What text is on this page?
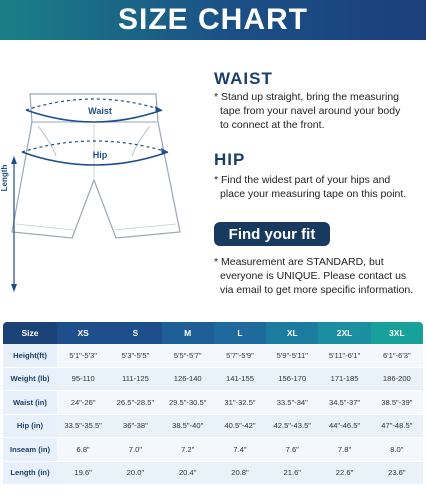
SIZE CHART
Waist
Hip
Length
WAIST
* Stand up straight, bring the measuring
tape from your navel around your body
to connect at the front.
HIP
* Find the widest part of your hips and
place your measuring tape on this point.
Find your fit
* Measurement are STANDARD, but
everyone is UNIQUE. Please contact us
via email to get more specific information.
Size	XS	S	M	L	XL	2XL	3XL
Height(ft)	5'1"-5'3"	5'3"-5'5"	5'5"-5'7"	5'7"-5'9"	5'9"-5'11"	5'11"-6'1"	6'1"-6'3"
Weight (lb)	95-110	111-125	126-140	141-155	156-170	171-185	186-200
Waist (in)	24"-26"	26.5"-28.5"	29.5"-30.5"	31"-32.5"	33.5"-34"	34.5"-37"	38.5"-39"
Hip (in)	33.5"-35.5"	36"-38"	38.5"-40"	40.5"-42"	42.5"-43.5"	44"-46.5"	47"-48.5"
Inseam (in)	6.8"	7.0"	7.2"	7.4"	7.6"	7.8"	8.0"
Length (in)	19.6"	20.0"	20.4"	20.8"	21.6"	22.6"	23.6"
